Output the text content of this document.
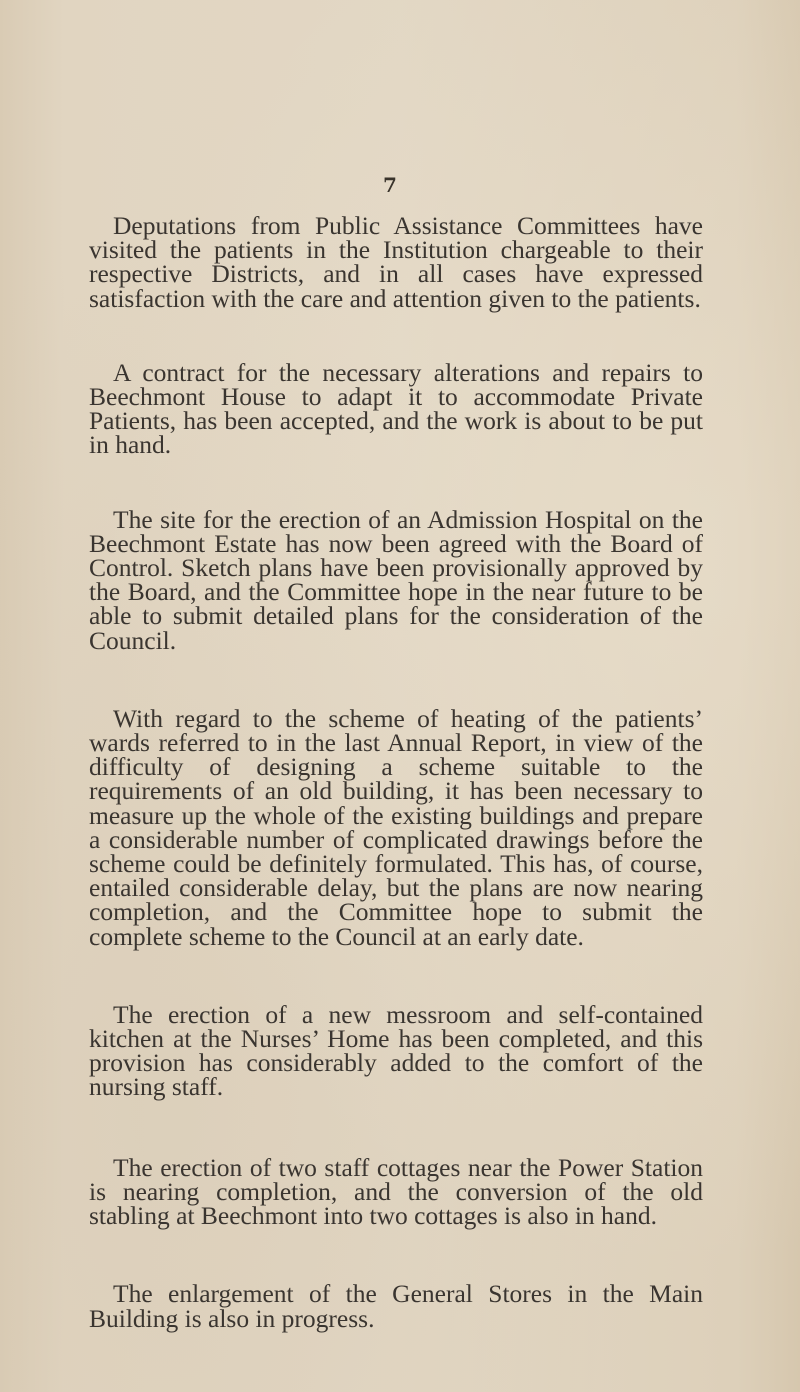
7

Deputations from Public Assistance Committees have visited the patients in the Institution chargeable to their respective Districts, and in all cases have expressed satisfaction with the care and attention given to the patients.

A contract for the necessary alterations and repairs to Beechmont House to adapt it to accommodate Private Patients, has been accepted, and the work is about to be put in hand.

The site for the erection of an Admission Hospital on the Beechmont Estate has now been agreed with the Board of Control. Sketch plans have been provisionally approved by the Board, and the Committee hope in the near future to be able to submit detailed plans for the consideration of the Council.

With regard to the scheme of heating of the patients’ wards referred to in the last Annual Report, in view of the difficulty of designing a scheme suitable to the requirements of an old building, it has been necessary to measure up the whole of the existing buildings and prepare a considerable number of complicated drawings before the scheme could be definitely formulated. This has, of course, entailed considerable delay, but the plans are now nearing completion, and the Committee hope to submit the complete scheme to the Council at an early date.

The erection of a new messroom and self-contained kitchen at the Nurses’ Home has been completed, and this provision has considerably added to the comfort of the nursing staff.

The erection of two staff cottages near the Power Station is nearing completion, and the conversion of the old stabling at Beechmont into two cottages is also in hand.

The enlargement of the General Stores in the Main Building is also in progress.
